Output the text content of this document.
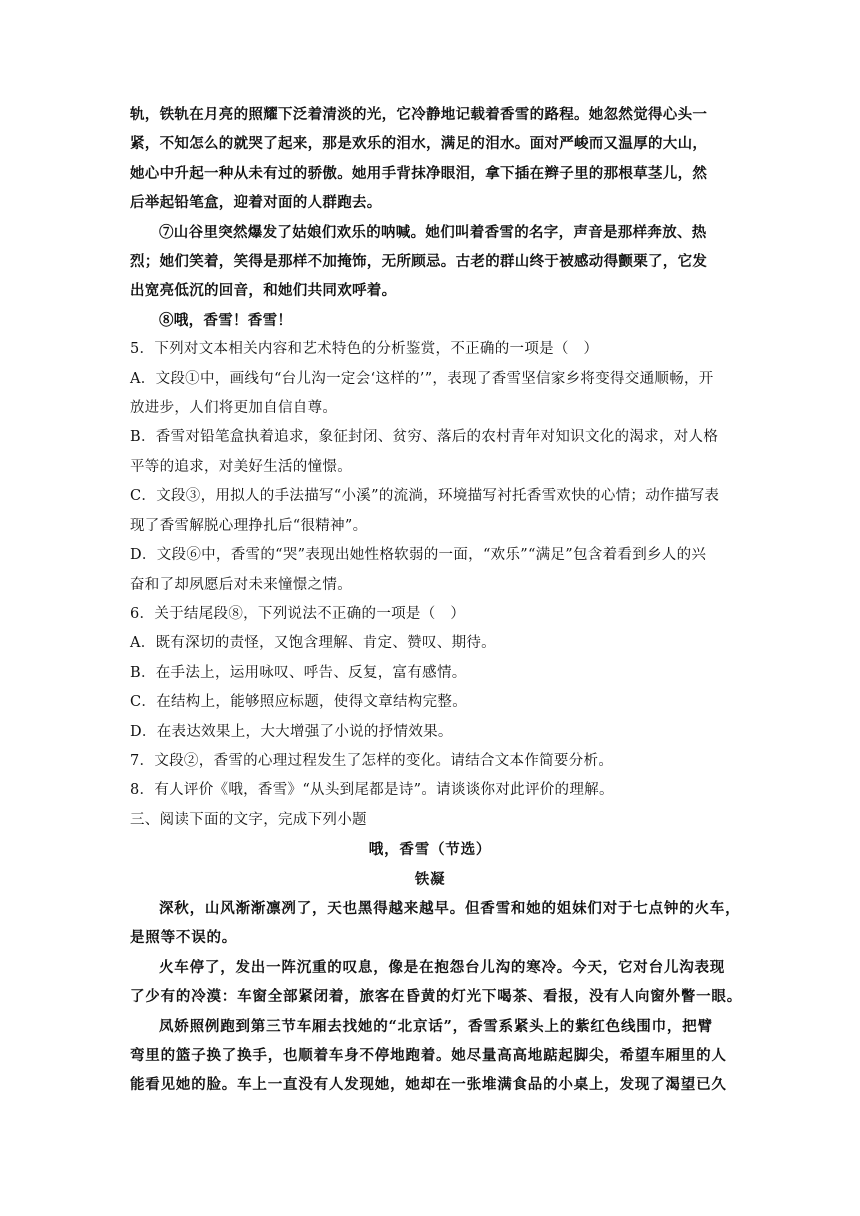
轨，铁轨在月亮的照耀下泛着清淡的光，它冷静地记载着香雪的路程。她忽然觉得心头一
紧，不知怎么的就哭了起来，那是欢乐的泪水，满足的泪水。面对严峻而又温厚的大山，
她心中升起一种从未有过的骄傲。她用手背抹净眼泪，拿下插在辫子里的那根草茎儿，然
后举起铅笔盒，迎着对面的人群跑去。
⑦山谷里突然爆发了姑娘们欢乐的呐喊。她们叫着香雪的名字，声音是那样奔放、热
烈；她们笑着，笑得是那样不加掩饰，无所顾忌。古老的群山终于被感动得颤栗了，它发
出宽亮低沉的回音，和她们共同欢呼着。
⑧哦，香雪！香雪！
5．下列对文本相关内容和艺术特色的分析鉴赏，不正确的一项是（　）
A．文段①中，画线句“台儿沟一定会‘这样的’”，表现了香雪坚信家乡将变得交通顺畅，开
放进步，人们将更加自信自尊。
B．香雪对铅笔盒执着追求，象征封闭、贫穷、落后的农村青年对知识文化的渴求，对人格
平等的追求，对美好生活的憧憬。
C．文段③，用拟人的手法描写“小溪”的流淌，环境描写衬托香雪欢快的心情；动作描写表
现了香雪解脱心理挣扎后“很精神”。
D．文段⑥中，香雪的“哭”表现出她性格软弱的一面，“欢乐”“满足”包含着看到乡人的兴
奋和了却夙愿后对未来憧憬之情。
6．关于结尾段⑧，下列说法不正确的一项是（　）
A．既有深切的责怪，又饱含理解、肯定、赞叹、期待。
B．在手法上，运用咏叹、呼告、反复，富有感情。
C．在结构上，能够照应标题，使得文章结构完整。
D．在表达效果上，大大增强了小说的抒情效果。
7．文段②，香雪的心理过程发生了怎样的变化。请结合文本作简要分析。
8．有人评价《哦，香雪》“从头到尾都是诗”。请谈谈你对此评价的理解。
三、阅读下面的文字，完成下列小题
哦，香雪（节选）
铁凝
深秋，山风渐渐凛冽了，天也黑得越来越早。但香雪和她的姐妹们对于七点钟的火车，
是照等不误的。
火车停了，发出一阵沉重的叹息，像是在抱怨台儿沟的寒冷。今天，它对台儿沟表现
了少有的冷漠：车窗全部紧闭着，旅客在昏黄的灯光下喝茶、看报，没有人向窗外瞥一眼。
凤娇照例跑到第三节车厢去找她的“北京话”，香雪系紧头上的紫红色线围巾，把臂
弯里的篮子换了换手，也顺着车身不停地跑着。她尽量高高地踮起脚尖，希望车厢里的人
能看见她的脸。车上一直没有人发现她，她却在一张堆满食品的小桌上，发现了渴望已久
